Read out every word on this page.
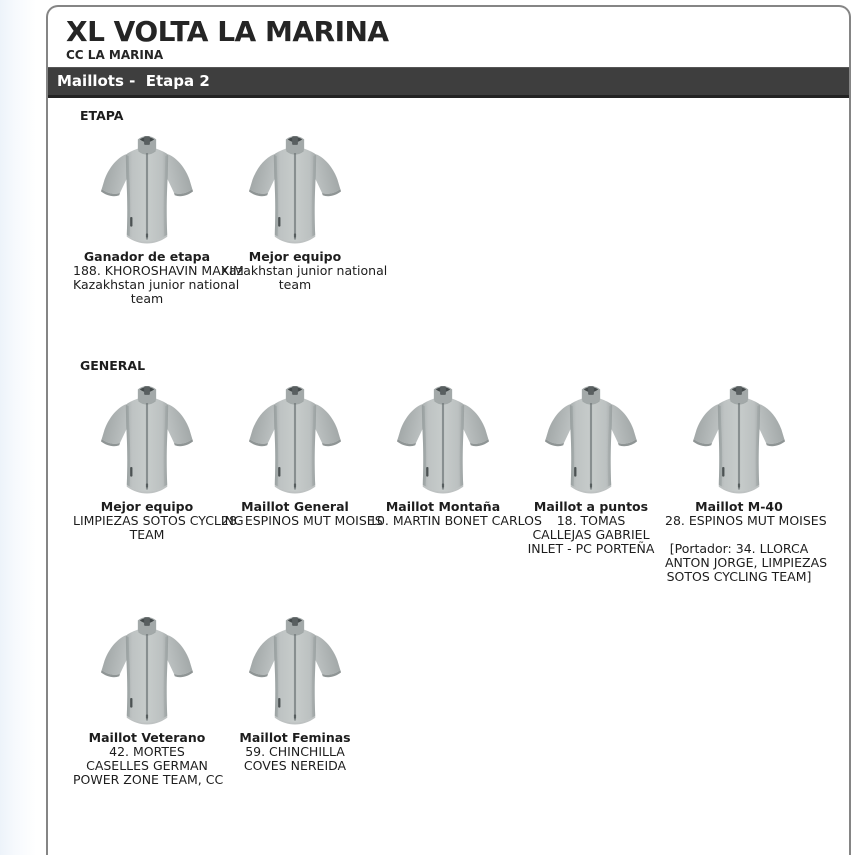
XL VOLTA LA MARINA
CC LA MARINA
Maillots -  Etapa 2
ETAPA
Ganador de etapa
188. KHOROSHAVIN MAXIM
Kazakhstan junior national
team
Mejor equipo
Kazakhstan junior national
team
GENERAL
Mejor equipo
LIMPIEZAS SOTOS CYCLING
TEAM
Maillot General
28. ESPINOS MUT MOISES
Maillot Montaña
10. MARTIN BONET CARLOS
Maillot a puntos
18. TOMAS
CALLEJAS GABRIEL
INLET - PC PORTEÑA
Maillot M-40
28. ESPINOS MUT MOISES
[Portador: 34. LLORCA
ANTON JORGE, LIMPIEZAS
SOTOS CYCLING TEAM]
Maillot Veterano
42. MORTES
CASELLES GERMAN
POWER ZONE TEAM, CC
Maillot Feminas
59. CHINCHILLA
COVES NEREIDA
